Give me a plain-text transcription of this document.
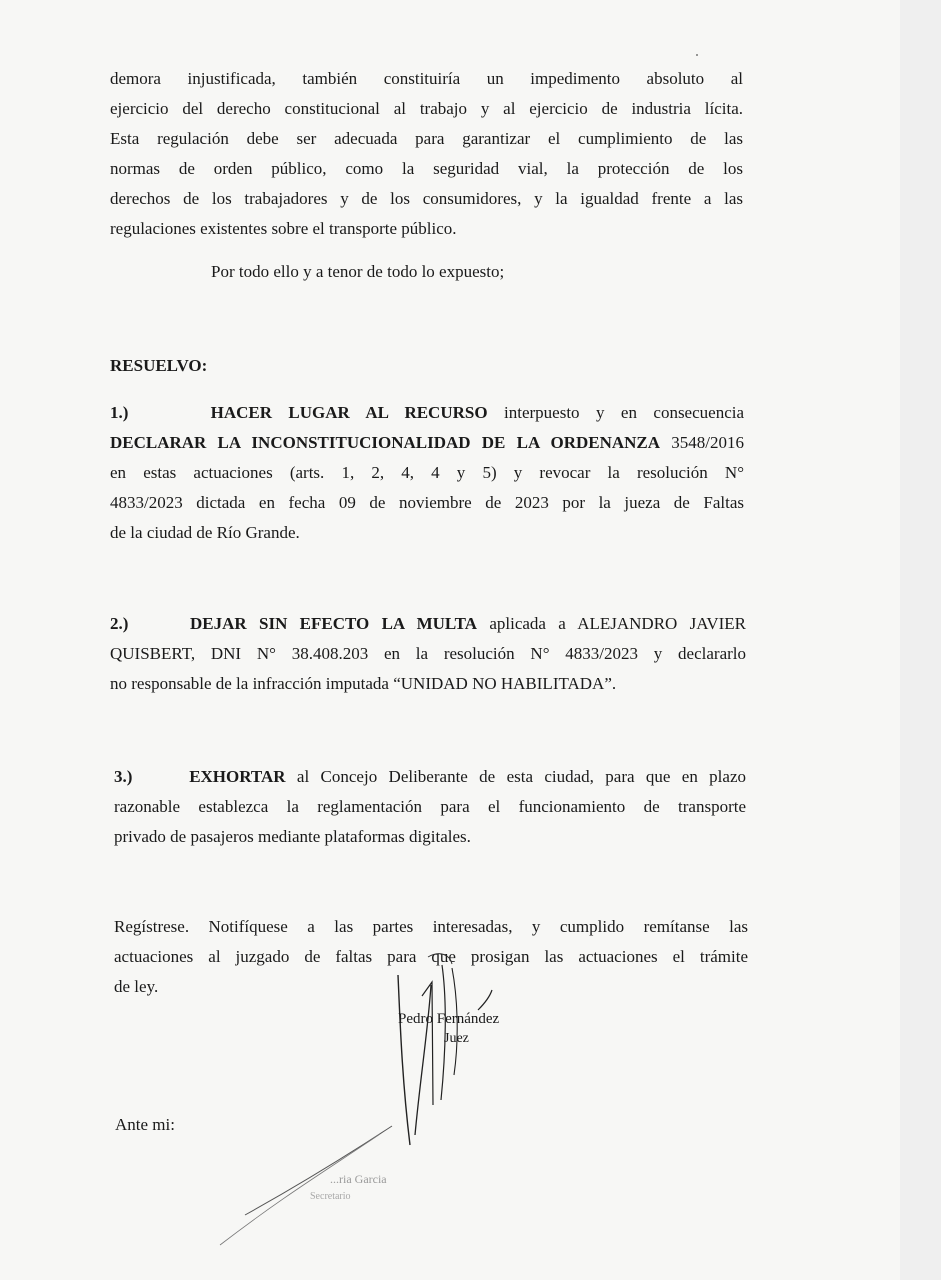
demora injustificada, también constituiría un impedimento absoluto al
ejercicio del derecho constitucional al trabajo y al ejercicio de industria lícita.
Esta regulación debe ser adecuada para garantizar el cumplimiento de las
normas de orden público, como la seguridad vial, la protección de los
derechos de los trabajadores y de los consumidores, y la igualdad frente a las
regulaciones existentes sobre el transporte público.

Por todo ello y a tenor de todo lo expuesto;

RESUELVO:

1.)	HACER LUGAR AL RECURSO interpuesto y en consecuencia
DECLARAR LA INCONSTITUCIONALIDAD DE LA ORDENANZA 3548/2016
en estas actuaciones (arts. 1, 2, 4, 4 y 5) y revocar la resolución N°
4833/2023 dictada en fecha 09 de noviembre de 2023 por la jueza de Faltas
de la ciudad de Río Grande.
2.)	DEJAR SIN EFECTO LA MULTA aplicada a ALEJANDRO JAVIER
QUISBERT, DNI N° 38.408.203 en la resolución N° 4833/2023 y declararlo
no responsable de la infracción imputada “UNIDAD NO HABILITADA”.
3.)	EXHORTAR al Concejo Deliberante de esta ciudad, para que en plazo
razonable establezca la reglamentación para el funcionamiento de transporte
privado de pasajeros mediante plataformas digitales.
Regístrese. Notifíquese a las partes interesadas, y cumplido remítanse las
actuaciones al juzgado de faltas para que prosigan las actuaciones el trámite
de ley.
Pedro Fernández
Juez
Ante mi:
...ria Garcia
Secretario
